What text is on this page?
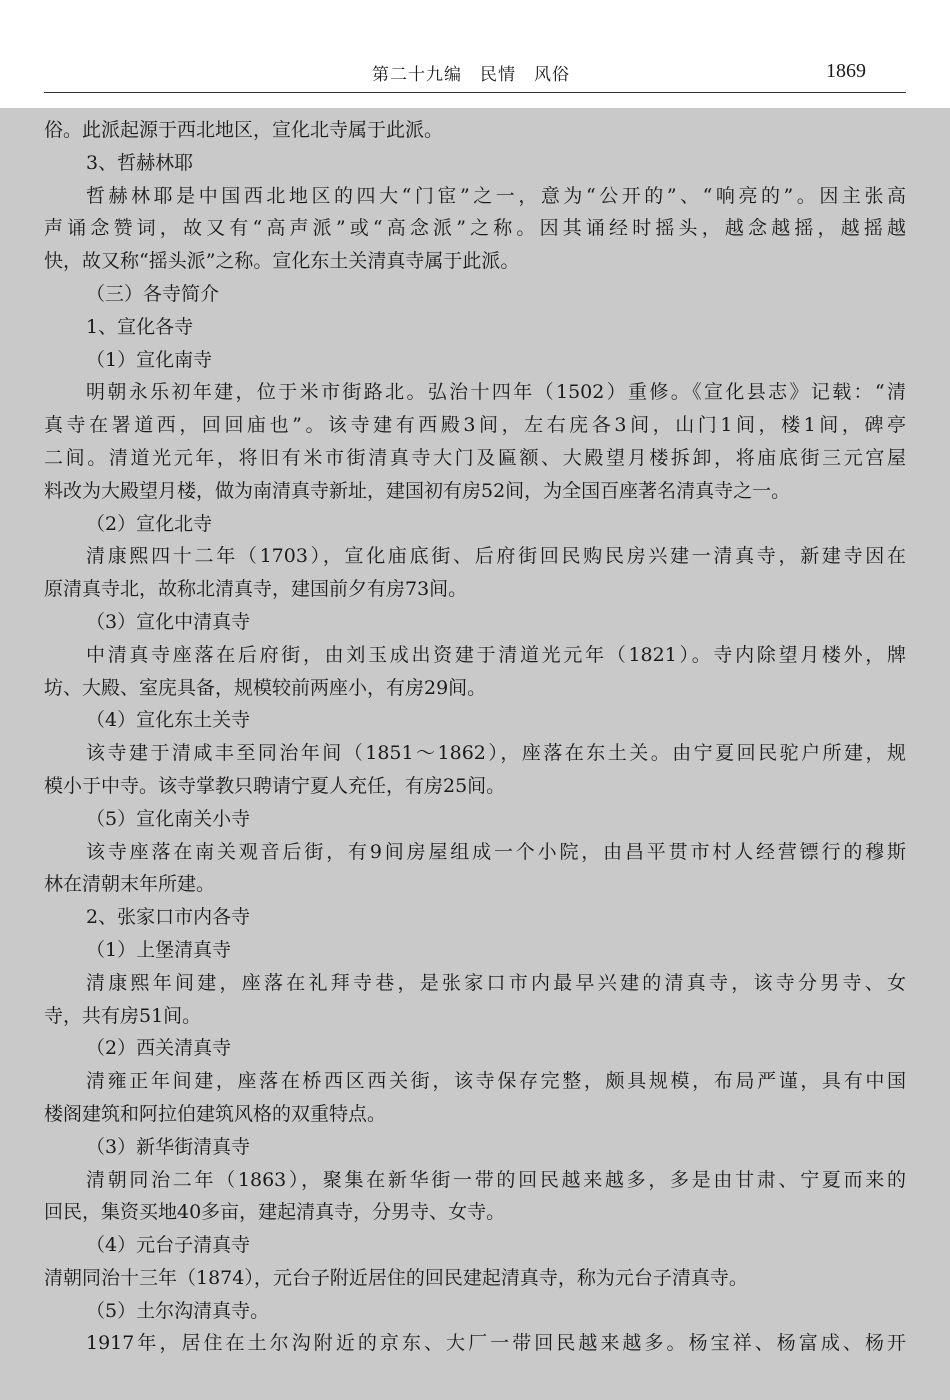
第二十九编　民情　风俗	1869
俗。此派起源于西北地区，宣化北寺属于此派。
3、哲赫林耶
哲赫林耶是中国西北地区的四大“门宦”之一，意为“公开的”、“响亮的”。因主张高
声诵念赞词，故又有“高声派”或“高念派”之称。因其诵经时摇头，越念越摇，越摇越
快，故又称“摇头派”之称。宣化东土关清真寺属于此派。
（三）各寺简介
1、宣化各寺
（1）宣化南寺
明朝永乐初年建，位于米市街路北。弘治十四年（1502）重修。《宣化县志》记载：“清
真寺在署道西，回回庙也”。该寺建有西殿3间，左右庑各3间，山门1间，楼1间，碑亭
二间。清道光元年，将旧有米市街清真寺大门及匾额、大殿望月楼拆卸，将庙底街三元宫屋
料改为大殿望月楼，做为南清真寺新址，建国初有房52间，为全国百座著名清真寺之一。
（2）宣化北寺
清康熙四十二年（1703），宣化庙底街、后府街回民购民房兴建一清真寺，新建寺因在
原清真寺北，故称北清真寺，建国前夕有房73间。
（3）宣化中清真寺
中清真寺座落在后府街，由刘玉成出资建于清道光元年（1821）。寺内除望月楼外，牌
坊、大殿、室庑具备，规模较前两座小，有房29间。
（4）宣化东土关寺
该寺建于清咸丰至同治年间（1851～1862），座落在东土关。由宁夏回民驼户所建，规
模小于中寺。该寺掌教只聘请宁夏人充任，有房25间。
（5）宣化南关小寺
该寺座落在南关观音后街，有9间房屋组成一个小院，由昌平贯市村人经营镖行的穆斯
林在清朝末年所建。
2、张家口市内各寺
（1）上堡清真寺
清康熙年间建，座落在礼拜寺巷，是张家口市内最早兴建的清真寺，该寺分男寺、女
寺，共有房51间。
（2）西关清真寺
清雍正年间建，座落在桥西区西关街，该寺保存完整，颇具规模，布局严谨，具有中国
楼阁建筑和阿拉伯建筑风格的双重特点。
（3）新华街清真寺
清朝同治二年（1863），聚集在新华街一带的回民越来越多，多是由甘肃、宁夏而来的
回民，集资买地40多亩，建起清真寺，分男寺、女寺。
（4）元台子清真寺
清朝同治十三年（1874），元台子附近居住的回民建起清真寺，称为元台子清真寺。
（5）土尔沟清真寺。
1917年，居住在土尔沟附近的京东、大厂一带回民越来越多。杨宝祥、杨富成、杨开
